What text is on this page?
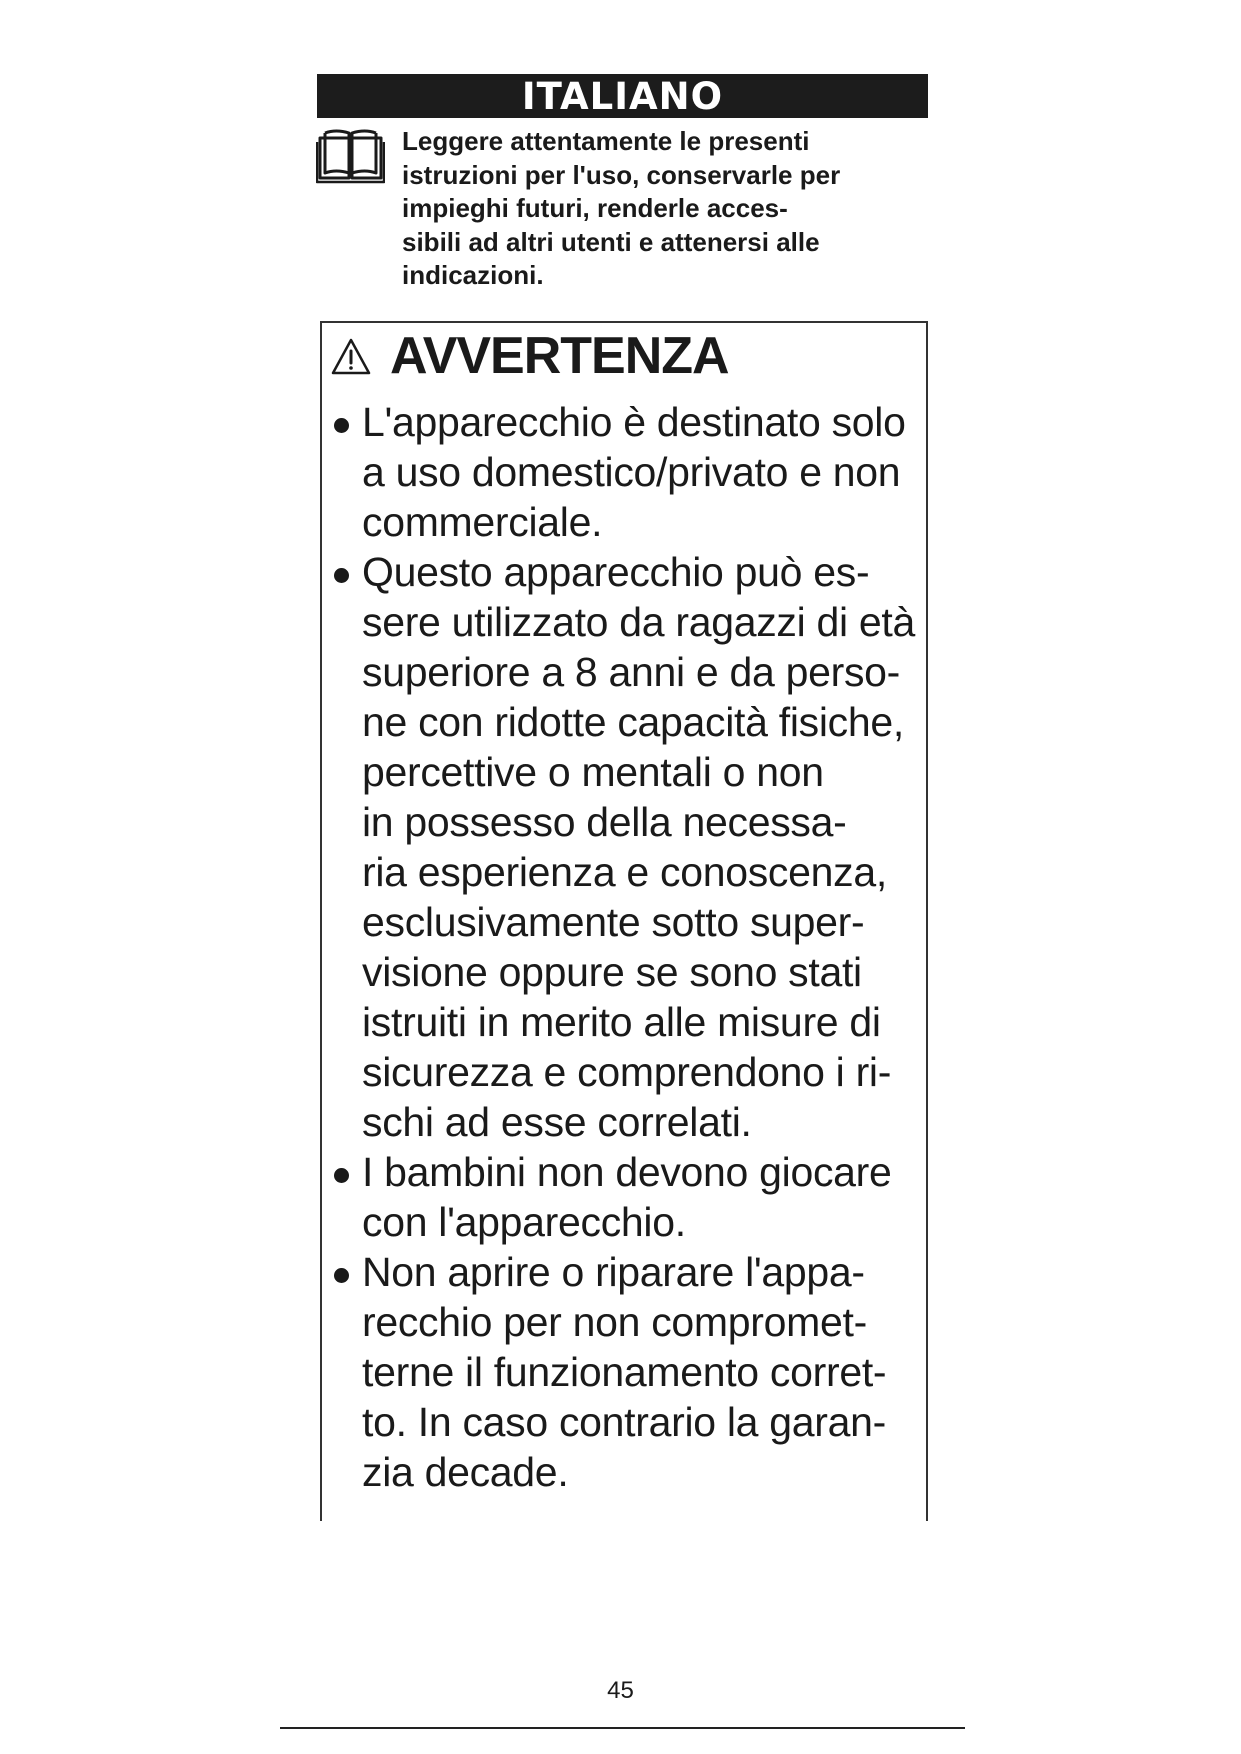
ITALIANO
Leggere attentamente le presenti
istruzioni per l'uso, conservarle per
impieghi futuri, renderle acces-
sibili ad altri utenti e attenersi alle
indicazioni.
AVVERTENZA
L'apparecchio è destinato solo
a uso domestico/privato e non
commerciale.
Questo apparecchio può es-
sere utilizzato da ragazzi di età
superiore a 8 anni e da perso-
ne con ridotte capacità fisiche,
percettive o mentali o non
in possesso della necessa-
ria esperienza e conoscenza,
esclusivamente sotto super-
visione oppure se sono stati
istruiti in merito alle misure di
sicurezza e comprendono i ri-
schi ad esse correlati.
I bambini non devono giocare
con l'apparecchio.
Non aprire o riparare l'appa-
recchio per non compromet-
terne il funzionamento corret-
to. In caso contrario la garan-
zia decade.
45
